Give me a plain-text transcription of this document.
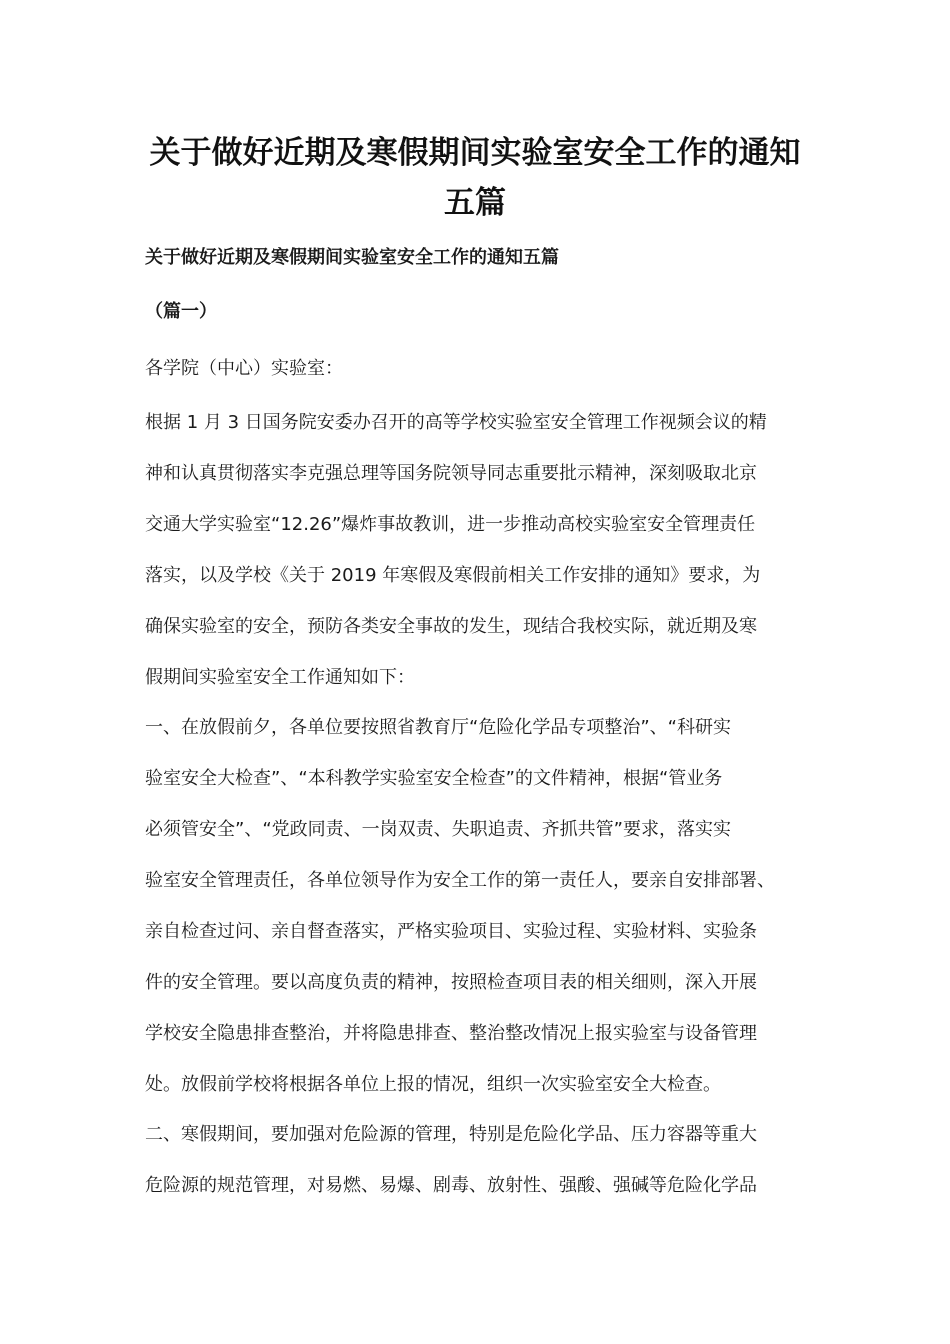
关于做好近期及寒假期间实验室安全工作的通知
五篇

关于做好近期及寒假期间实验室安全工作的通知五篇

（篇一）

各学院（中心）实验室：

根据 1 月 3 日国务院安委办召开的高等学校实验室安全管理工作视频会议的精
神和认真贯彻落实李克强总理等国务院领导同志重要批示精神，深刻吸取北京
交通大学实验室“12.26”爆炸事故教训，进一步推动高校实验室安全管理责任
落实，以及学校《关于 2019 年寒假及寒假前相关工作安排的通知》要求，为
确保实验室的安全，预防各类安全事故的发生，现结合我校实际，就近期及寒
假期间实验室安全工作通知如下：
一、在放假前夕，各单位要按照省教育厅“危险化学品专项整治”、“科研实
验室安全大检查”、“本科教学实验室安全检查”的文件精神，根据“管业务
必须管安全”、“党政同责、一岗双责、失职追责、齐抓共管”要求，落实实
验室安全管理责任，各单位领导作为安全工作的第一责任人，要亲自安排部署、
亲自检查过问、亲自督查落实，严格实验项目、实验过程、实验材料、实验条
件的安全管理。要以高度负责的精神，按照检查项目表的相关细则，深入开展
学校安全隐患排查整治，并将隐患排查、整治整改情况上报实验室与设备管理
处。放假前学校将根据各单位上报的情况，组织一次实验室安全大检查。
二、寒假期间，要加强对危险源的管理，特别是危险化学品、压力容器等重大
危险源的规范管理，对易燃、易爆、剧毒、放射性、强酸、强碱等危险化学品
